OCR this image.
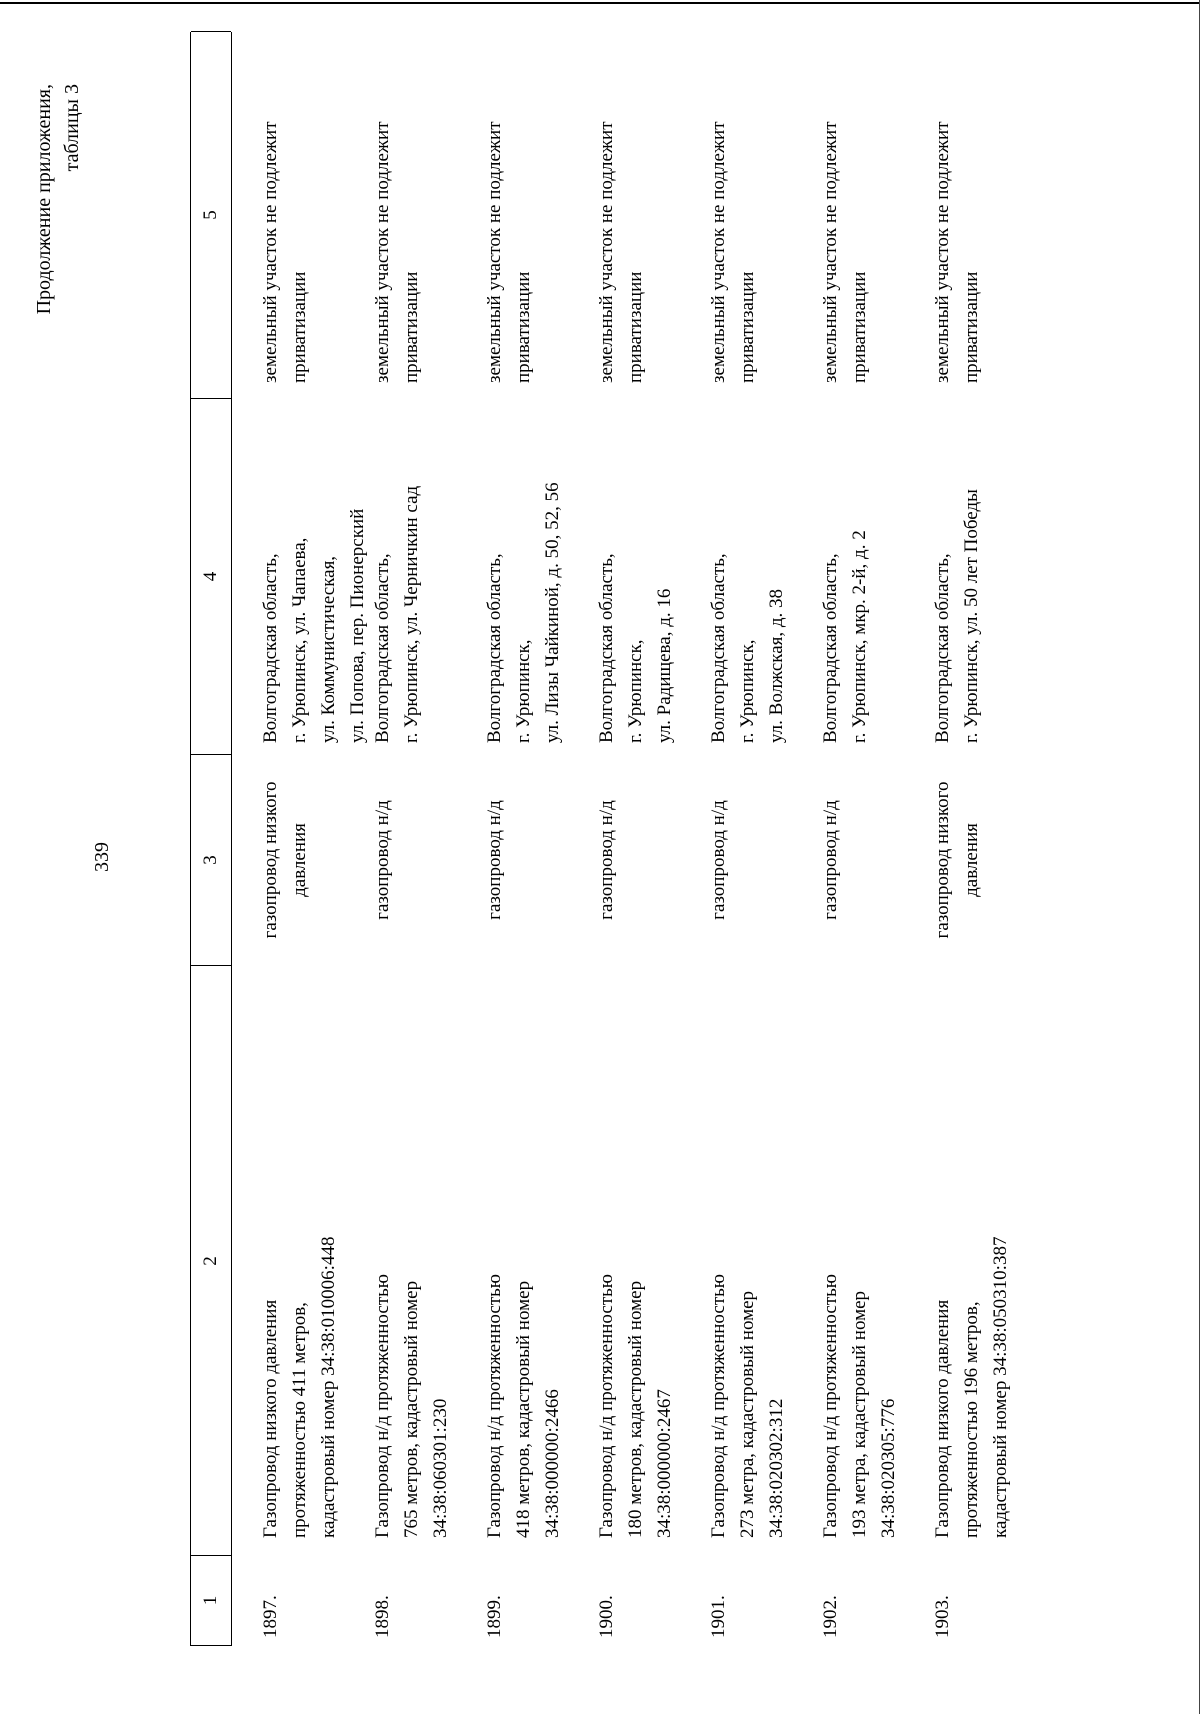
339
Продолжение приложения, таблицы 3
1
2
3
4
5
1897.
Газопровод низкого давления протяженностью 411 метров, кадастровый номер 34:38:010006:448
газопровод низкого давления
Волгоградская область, г. Урюпинск, ул. Чапаева, ул. Коммунистическая, ул. Попова, пер. Пионерский
земельный участок не подлежит приватизации
1898.
Газопровод н/д протяженностью 765 метров, кадастровый номер 34:38:060301:230
газопровод н/д
Волгоградская область, г. Урюпинск, ул. Черничкин сад
земельный участок не подлежит приватизации
1899.
Газопровод н/д протяженностью 418 метров, кадастровый номер 34:38:000000:2466
газопровод н/д
Волгоградская область, г. Урюпинск, ул. Лизы Чайкиной, д. 50, 52, 56
земельный участок не подлежит приватизации
1900.
Газопровод н/д протяженностью 180 метров, кадастровый номер 34:38:000000:2467
газопровод н/д
Волгоградская область, г. Урюпинск, ул. Радищева, д. 16
земельный участок не подлежит приватизации
1901.
Газопровод н/д протяженностью 273 метра, кадастровый номер 34:38:020302:312
газопровод н/д
Волгоградская область, г. Урюпинск, ул. Волжская, д. 38
земельный участок не подлежит приватизации
1902.
Газопровод н/д протяженностью 193 метра, кадастровый номер 34:38:020305:776
газопровод н/д
Волгоградская область, г. Урюпинск, мкр. 2-й, д. 2
земельный участок не подлежит приватизации
1903.
Газопровод низкого давления протяженностью 196 метров, кадастровый номер 34:38:050310:387
газопровод низкого давления
Волгоградская область, г. Урюпинск, ул. 50 лет Победы
земельный участок не подлежит приватизации
